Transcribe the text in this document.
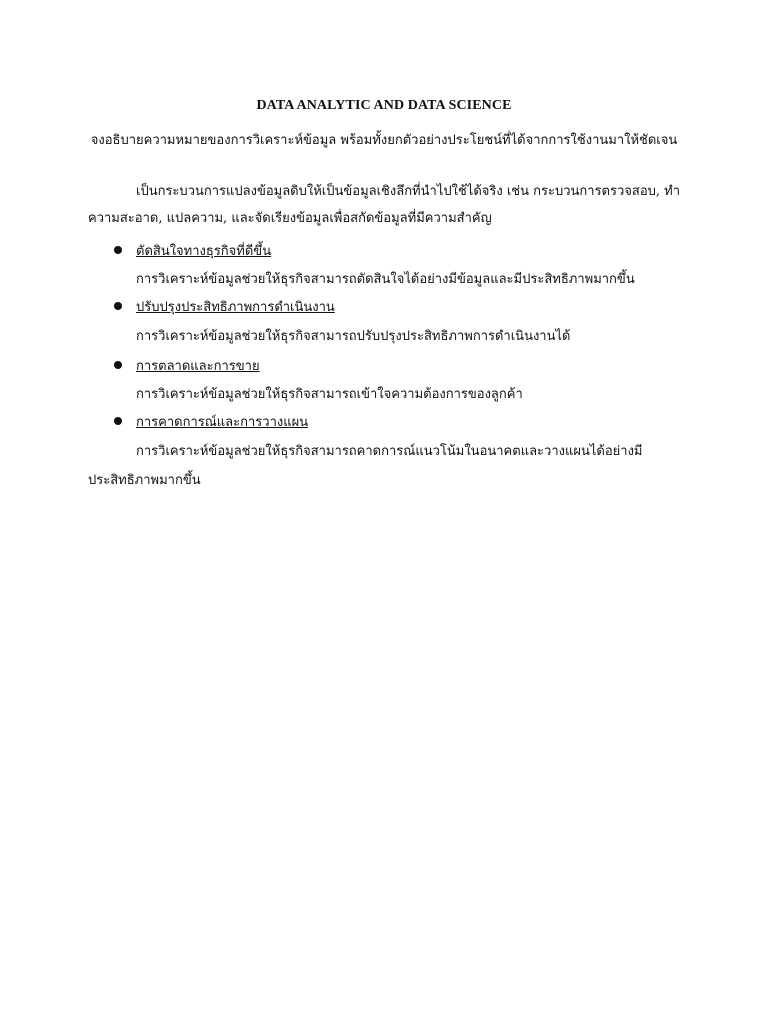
DATA ANALYTIC AND DATA SCIENCE
จงอธิบายความหมายของการวิเคราะห์ข้อมูล พร้อมทั้งยกตัวอย่างประโยชน์ที่ได้จากการใช้งานมาให้ชัดเจน
เป็นกระบวนการแปลงข้อมูลดิบให้เป็นข้อมูลเชิงลึกที่นำไปใช้ได้จริง เช่น กระบวนการตรวจสอบ, ทำ
ความสะอาด, แปลความ, และจัดเรียงข้อมูลเพื่อสกัดข้อมูลที่มีความสำคัญ
ตัดสินใจทางธุรกิจที่ดีขึ้น
การวิเคราะห์ข้อมูลช่วยให้ธุรกิจสามารถตัดสินใจได้อย่างมีข้อมูลและมีประสิทธิภาพมากขึ้น
ปรับปรุงประสิทธิภาพการดำเนินงาน
การวิเคราะห์ข้อมูลช่วยให้ธุรกิจสามารถปรับปรุงประสิทธิภาพการดำเนินงานได้
การตลาดและการขาย
การวิเคราะห์ข้อมูลช่วยให้ธุรกิจสามารถเข้าใจความต้องการของลูกค้า
การคาดการณ์และการวางแผน
การวิเคราะห์ข้อมูลช่วยให้ธุรกิจสามารถคาดการณ์แนวโน้มในอนาคตและวางแผนได้อย่างมี
ประสิทธิภาพมากขึ้น
